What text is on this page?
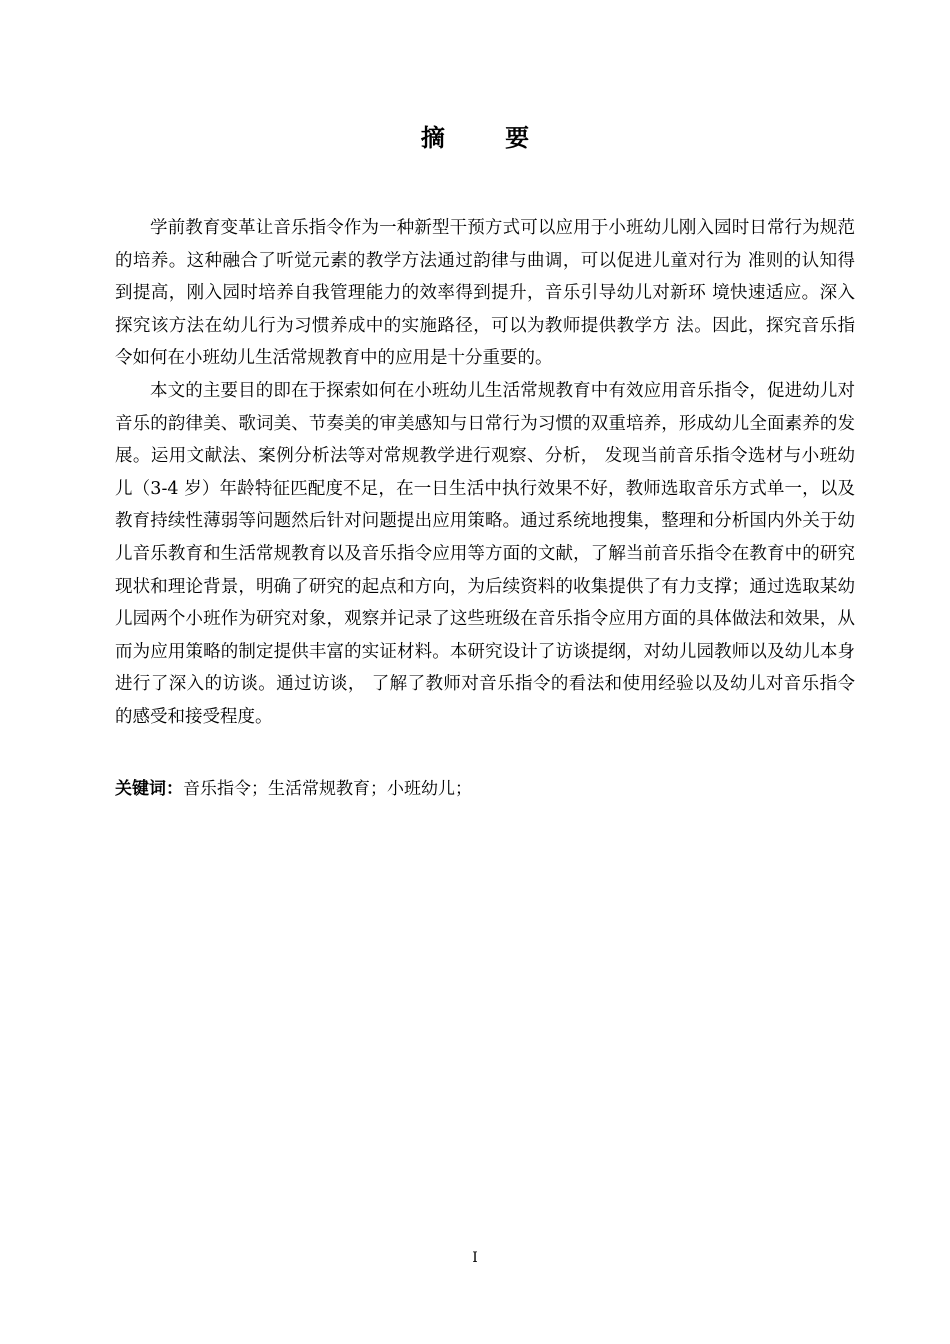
摘 要

学前教育变革让音乐指令作为一种新型干预方式可以应用于小班幼儿刚入园时日常行为规范的培养。这种融合了听觉元素的教学方法通过韵律与曲调，可以促进儿童对行为 准则的认知得到提高，刚入园时培养自我管理能力的效率得到提升，音乐引导幼儿对新环 境快速适应。深入探究该方法在幼儿行为习惯养成中的实施路径，可以为教师提供教学方 法。因此，探究音乐指令如何在小班幼儿生活常规教育中的应用是十分重要的。

本文的主要目的即在于探索如何在小班幼儿生活常规教育中有效应用音乐指令，促进幼儿对音乐的韵律美、歌词美、节奏美的审美感知与日常行为习惯的双重培养，形成幼儿全面素养的发展。运用文献法、案例分析法等对常规教学进行观察、分析， 发现当前音乐指令选材与小班幼儿（3-4 岁）年龄特征匹配度不足，在一日生活中执行效果不好，教师选取音乐方式单一，以及教育持续性薄弱等问题然后针对问题提出应用策略。通过系统地搜集，整理和分析国内外关于幼儿音乐教育和生活常规教育以及音乐指令应用等方面的文献，了解当前音乐指令在教育中的研究现状和理论背景，明确了研究的起点和方向，为后续资料的收集提供了有力支撑；通过选取某幼儿园两个小班作为研究对象，观察并记录了这些班级在音乐指令应用方面的具体做法和效果，从而为应用策略的制定提供丰富的实证材料。本研究设计了访谈提纲，对幼儿园教师以及幼儿本身进行了深入的访谈。通过访谈， 了解了教师对音乐指令的看法和使用经验以及幼儿对音乐指令的感受和接受程度。

关键词：音乐指令；生活常规教育；小班幼儿；
I
